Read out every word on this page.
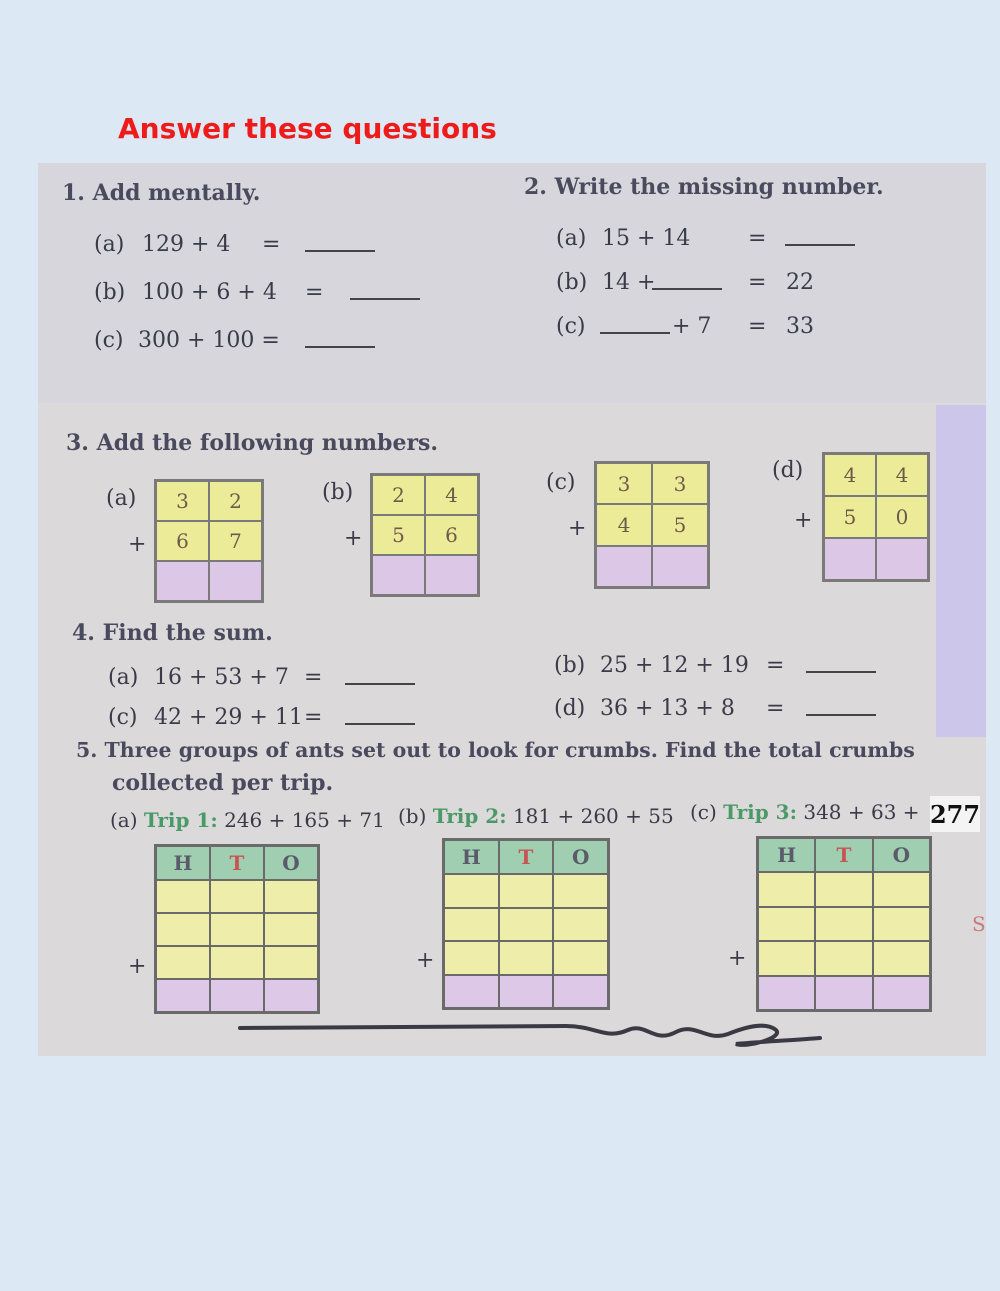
Answer these questions
1. Add mentally.
(a) 129 + 4 =
(b) 100 + 6 + 4 =
(c) 300 + 100 =
2. Write the missing number.
(a) 15 + 14	=
(b) 14 +	= 22
(c)	+ 7 = 33
3. Add the following numbers.
(a)
+
3	2
6	7
(b)
+
2	4
5	6
(c)
+
3	3
4	5
(d)
+
4	4
5	0
4. Find the sum.
(a) 16 + 53 + 7 =	(b) 25 + 12 + 19 =
(c) 42 + 29 + 11 =	(d) 36 + 13 + 8 =
5. Three groups of ants set out to look for crumbs. Find the total crumbs
collected per trip.
(a) Trip 1: 246 + 165 + 71 (b) Trip 2: 181 + 260 + 55 (c) Trip 3: 348 + 63 + 277
S
+
H	T	O
+
H	T	O
+
H	T	O
